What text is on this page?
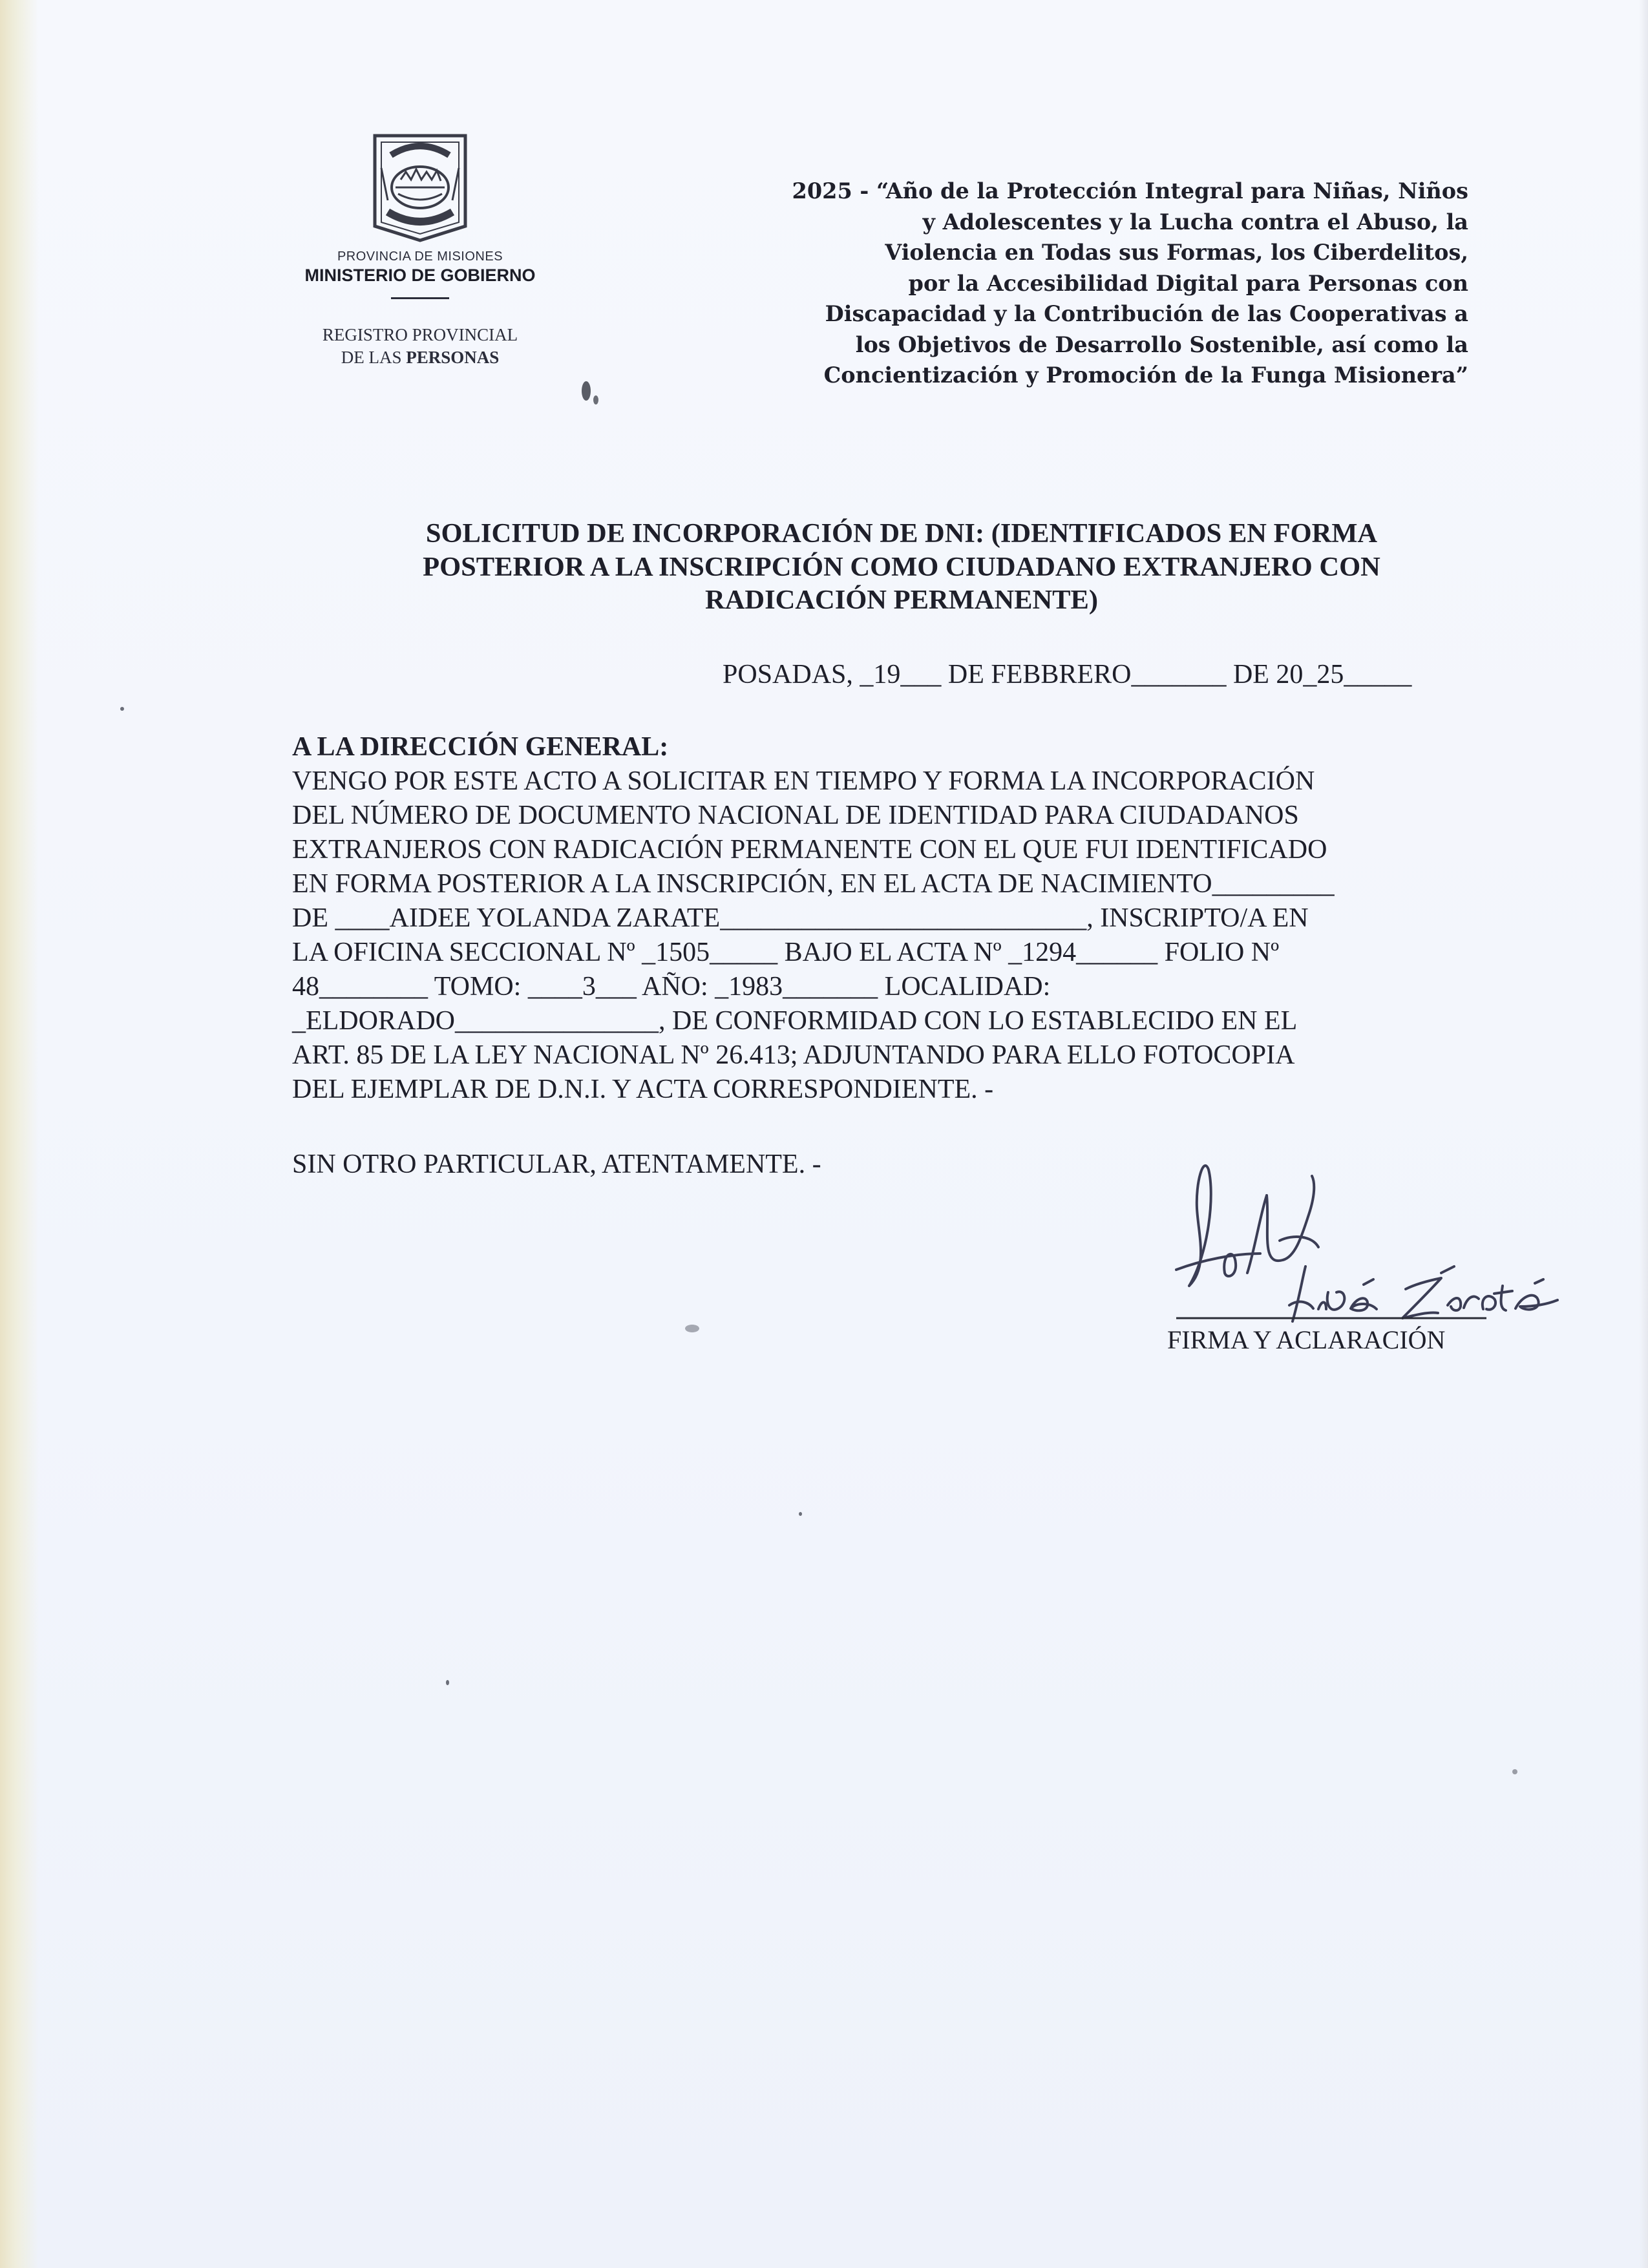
PROVINCIA DE MISIONES
MINISTERIO DE GOBIERNO
REGISTRO PROVINCIAL
DE LAS PERSONAS
2025 - “Año de la Protección Integral para Niñas, Niños
y Adolescentes y la Lucha contra el Abuso, la
Violencia en Todas sus Formas, los Ciberdelitos,
por la Accesibilidad Digital para Personas con
Discapacidad y la Contribución de las Cooperativas a
los Objetivos de Desarrollo Sostenible, así como la
Concientización y Promoción de la Funga Misionera”
SOLICITUD DE INCORPORACIÓN DE DNI: (IDENTIFICADOS EN FORMA
POSTERIOR A LA INSCRIPCIÓN COMO CIUDADANO EXTRANJERO CON
RADICACIÓN PERMANENTE)
POSADAS, _19___ DE FEBBRERO_______ DE 20_25_____
A LA DIRECCIÓN GENERAL:
VENGO POR ESTE ACTO A SOLICITAR EN TIEMPO Y FORMA LA INCORPORACIÓN
DEL NÚMERO DE DOCUMENTO NACIONAL DE IDENTIDAD PARA CIUDADANOS
EXTRANJEROS CON RADICACIÓN PERMANENTE CON EL QUE FUI IDENTIFICADO
EN FORMA POSTERIOR A LA INSCRIPCIÓN, EN EL ACTA DE NACIMIENTO_________
DE ____AIDEE YOLANDA ZARATE___________________________, INSCRIPTO/A EN
LA OFICINA SECCIONAL Nº _1505_____ BAJO EL ACTA Nº _1294______ FOLIO Nº
48________ TOMO: ____3___ AÑO: _1983_______ LOCALIDAD:
_ELDORADO_______________, DE CONFORMIDAD CON LO ESTABLECIDO EN EL
ART. 85 DE LA LEY NACIONAL Nº 26.413; ADJUNTANDO PARA ELLO FOTOCOPIA
DEL EJEMPLAR DE D.N.I. Y ACTA CORRESPONDIENTE. -
SIN OTRO PARTICULAR, ATENTAMENTE. -
FIRMA Y ACLARACIÓN
